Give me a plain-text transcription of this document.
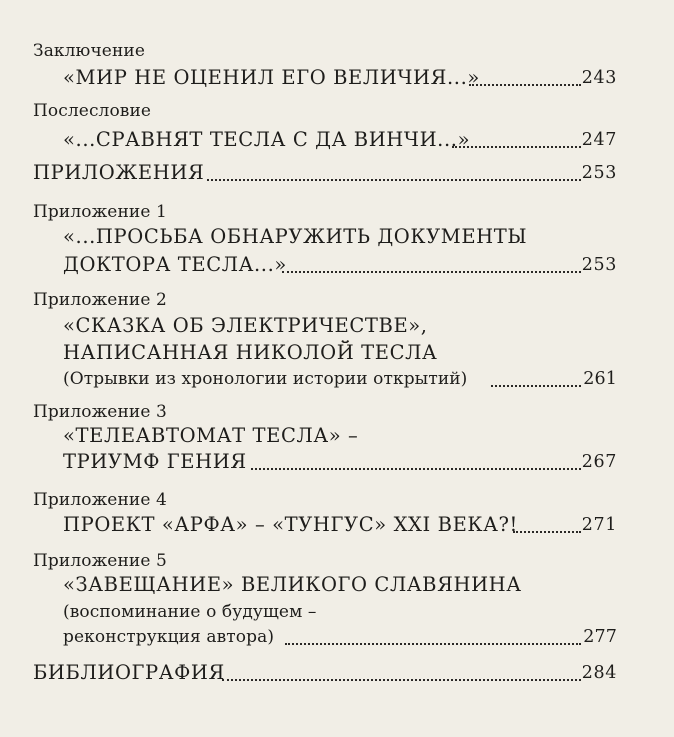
Заключение
«МИР НЕ ОЦЕНИЛ ЕГО ВЕЛИЧИЯ...»	243
Послесловие
«...СРАВНЯТ ТЕСЛА С ДА ВИНЧИ...»	247
ПРИЛОЖЕНИЯ	253
Приложение 1
«...ПРОСЬБА ОБНАРУЖИТЬ ДОКУМЕНТЫ
ДОКТОРА ТЕСЛА...»	253
Приложение 2
«СКАЗКА ОБ ЭЛЕКТРИЧЕСТВЕ»,
НАПИСАННАЯ НИКОЛОЙ ТЕСЛА
(Отрывки из хронологии истории открытий)	261
Приложение 3
«ТЕЛЕАВТОМАТ ТЕСЛА» –
ТРИУМФ ГЕНИЯ	267
Приложение 4
ПРОЕКТ «АРФА» – «ТУНГУС» XXI ВЕКА?!	271
Приложение 5
«ЗАВЕЩАНИЕ» ВЕЛИКОГО СЛАВЯНИНА
(воспоминание о будущем –
реконструкция автора)	277
БИБЛИОГРАФИЯ	284
